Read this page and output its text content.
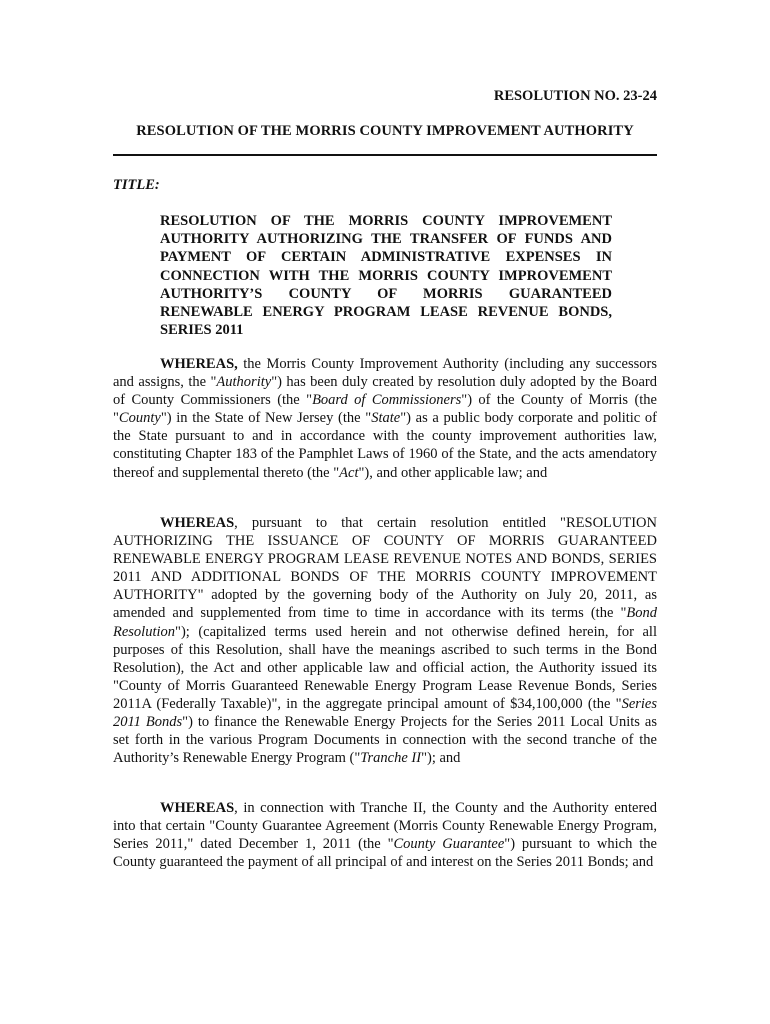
RESOLUTION NO. 23-24
RESOLUTION OF THE MORRIS COUNTY IMPROVEMENT AUTHORITY
TITLE:
RESOLUTION OF THE MORRIS COUNTY IMPROVEMENT AUTHORITY AUTHORIZING THE TRANSFER OF FUNDS AND PAYMENT OF CERTAIN ADMINISTRATIVE EXPENSES IN CONNECTION WITH THE MORRIS COUNTY IMPROVEMENT AUTHORITY’S COUNTY OF MORRIS GUARANTEED RENEWABLE ENERGY PROGRAM LEASE REVENUE BONDS, SERIES 2011

WHEREAS, the Morris County Improvement Authority (including any successors and assigns, the "Authority") has been duly created by resolution duly adopted by the Board of County Commissioners (the "Board of Commissioners") of the County of Morris (the "County") in the State of New Jersey (the "State") as a public body corporate and politic of the State pursuant to and in accordance with the county improvement authorities law, constituting Chapter 183 of the Pamphlet Laws of 1960 of the State, and the acts amendatory thereof and supplemental thereto (the "Act"), and other applicable law; and

WHEREAS, pursuant to that certain resolution entitled "RESOLUTION AUTHORIZING THE ISSUANCE OF COUNTY OF MORRIS GUARANTEED RENEWABLE ENERGY PROGRAM LEASE REVENUE NOTES AND BONDS, SERIES 2011 AND ADDITIONAL BONDS OF THE MORRIS COUNTY IMPROVEMENT AUTHORITY" adopted by the governing body of the Authority on July 20, 2011, as amended and supplemented from time to time in accordance with its terms (the "Bond Resolution"); (capitalized terms used herein and not otherwise defined herein, for all purposes of this Resolution, shall have the meanings ascribed to such terms in the Bond Resolution), the Act and other applicable law and official action, the Authority issued its "County of Morris Guaranteed Renewable Energy Program Lease Revenue Bonds, Series 2011A (Federally Taxable)", in the aggregate principal amount of $34,100,000 (the "Series 2011 Bonds") to finance the Renewable Energy Projects for the Series 2011 Local Units as set forth in the various Program Documents in connection with the second tranche of the Authority’s Renewable Energy Program ("Tranche II"); and

WHEREAS, in connection with Tranche II, the County and the Authority entered into that certain "County Guarantee Agreement (Morris County Renewable Energy Program, Series 2011," dated December 1, 2011 (the "County Guarantee") pursuant to which the County guaranteed the payment of all principal of and interest on the Series 2011 Bonds; and
